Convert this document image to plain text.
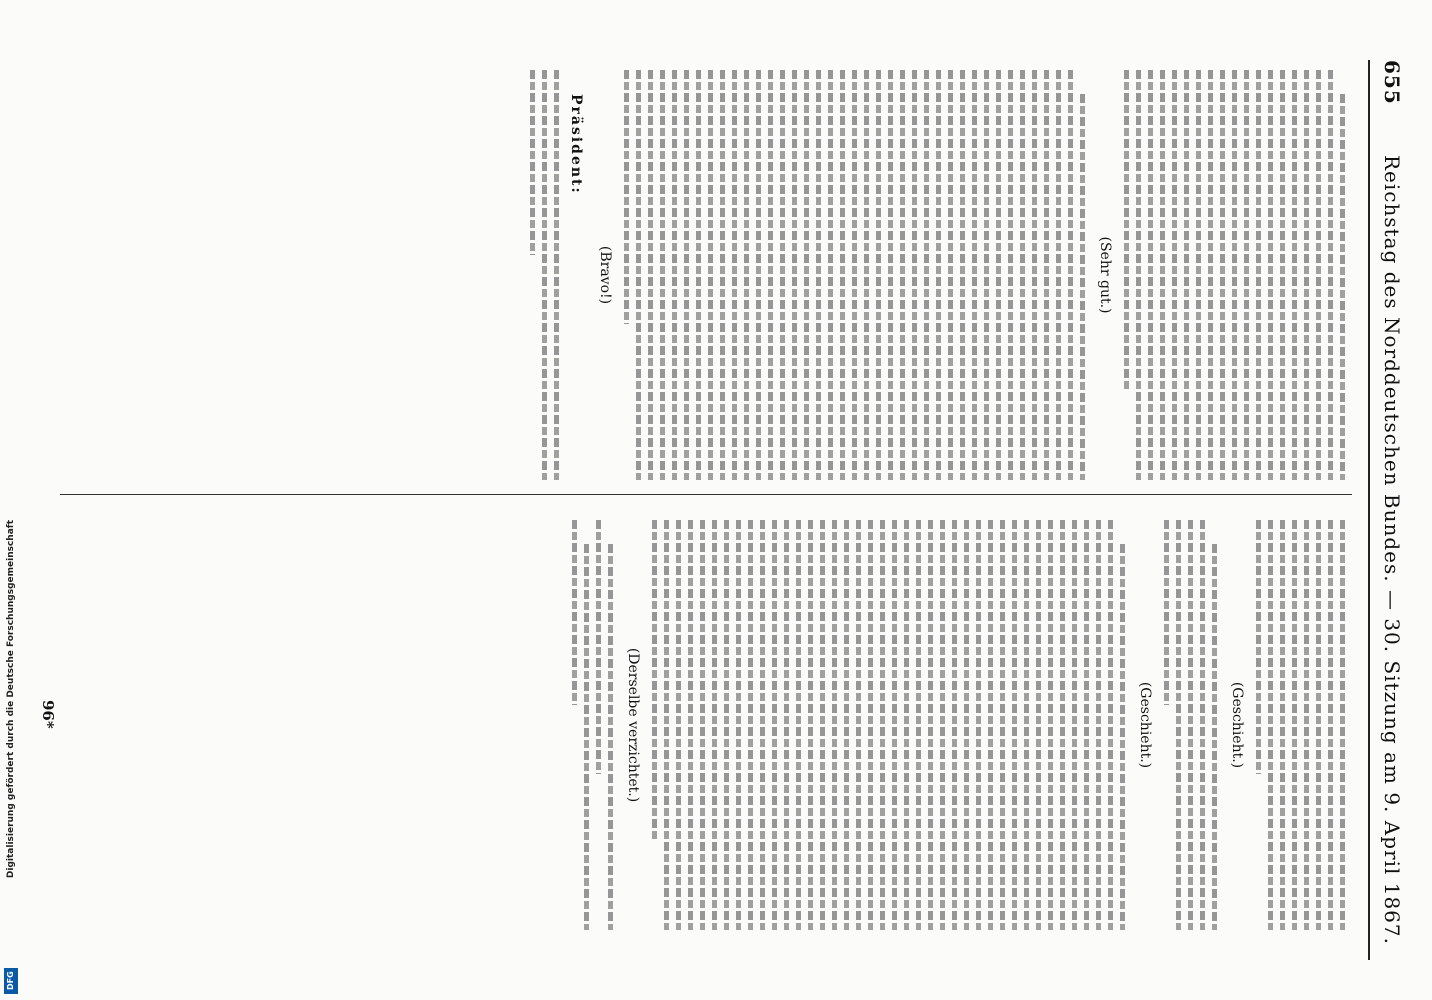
655
Reichstag des Norddeutschen Bundes. — 30. Sitzung am 9. April 1867.
(Sehr gut.)
(Bravo!)
Präsident:
(Geschieht.)
(Geschieht.)
(Derselbe verzichtet.)
96*
Digitalisierung gefördert durch die Deutsche Forschungsgemeinschaft
DFG
